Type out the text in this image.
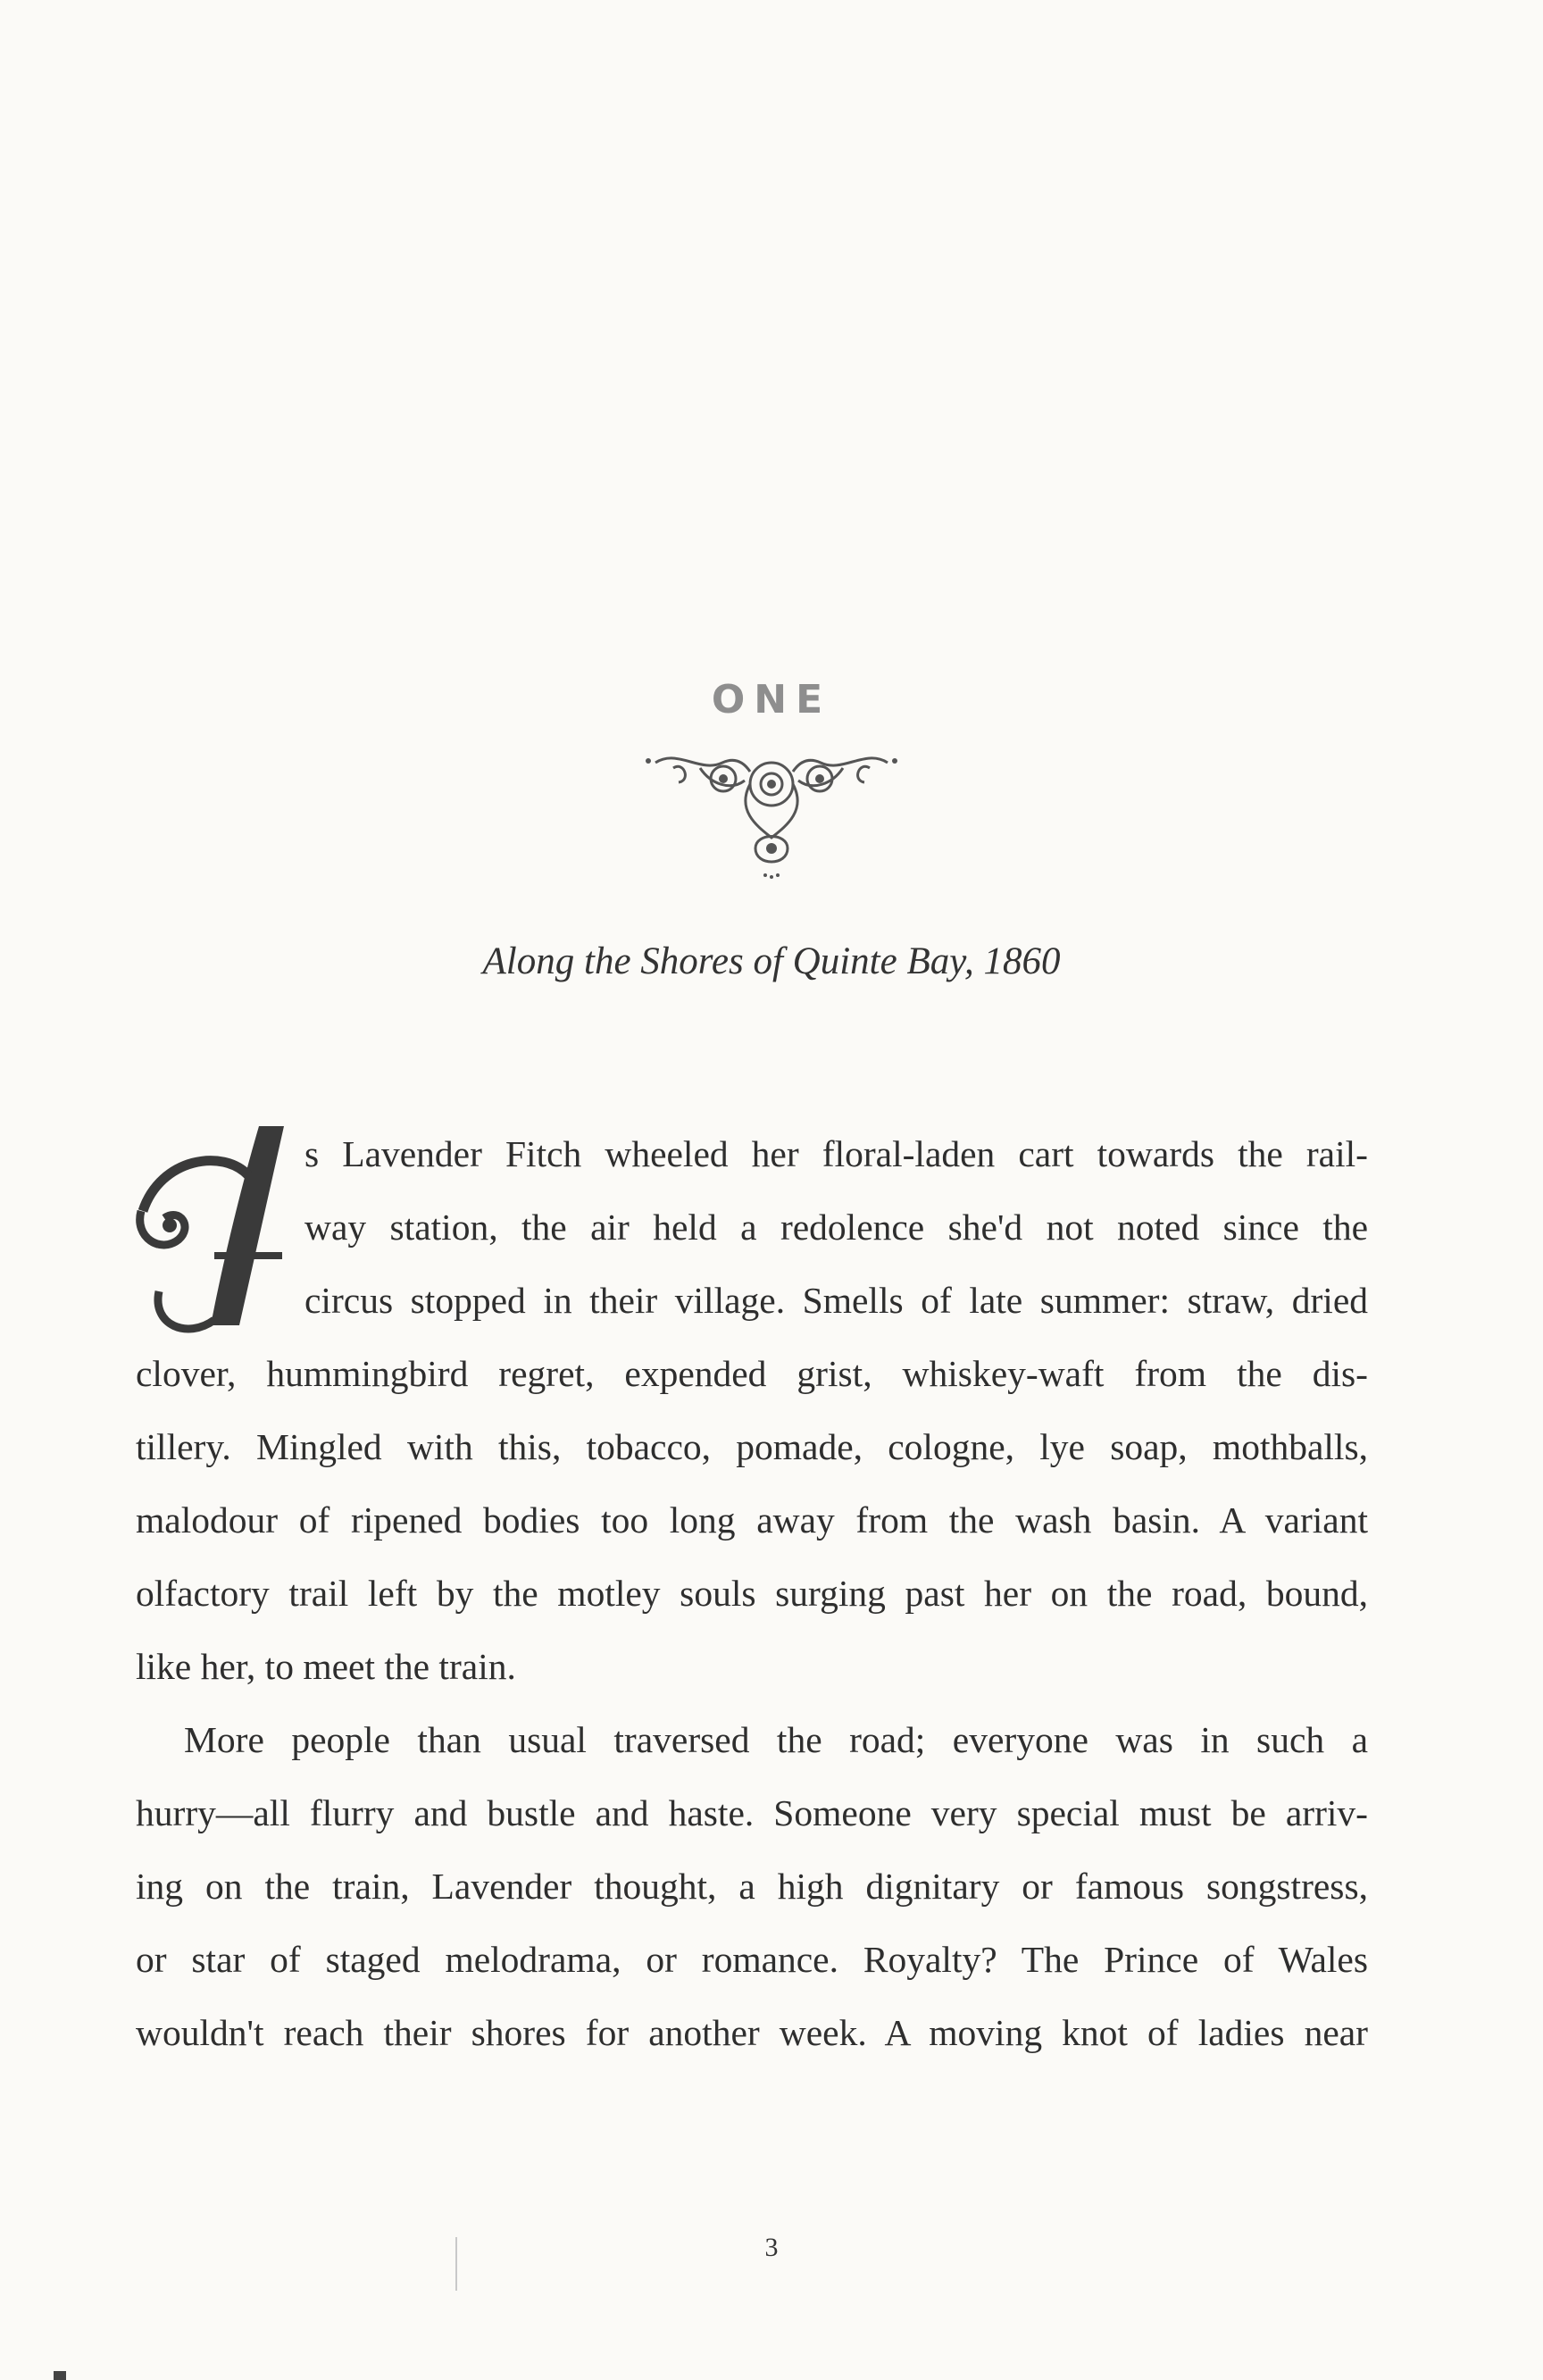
ONE
Along the Shores of Quinte Bay, 1860
s Lavender Fitch wheeled her floral-laden cart towards the rail-
way station, the air held a redolence she'd not noted since the
circus stopped in their village. Smells of late summer: straw, dried
clover, hummingbird regret, expended grist, whiskey-waft from the dis-
tillery. Mingled with this, tobacco, pomade, cologne, lye soap, mothballs,
malodour of ripened bodies too long away from the wash basin. A variant
olfactory trail left by the motley souls surging past her on the road, bound,
like her, to meet the train.
More people than usual traversed the road; everyone was in such a
hurry—all flurry and bustle and haste. Someone very special must be arriv-
ing on the train, Lavender thought, a high dignitary or famous songstress,
or star of staged melodrama, or romance. Royalty? The Prince of Wales
wouldn't reach their shores for another week. A moving knot of ladies near
3
